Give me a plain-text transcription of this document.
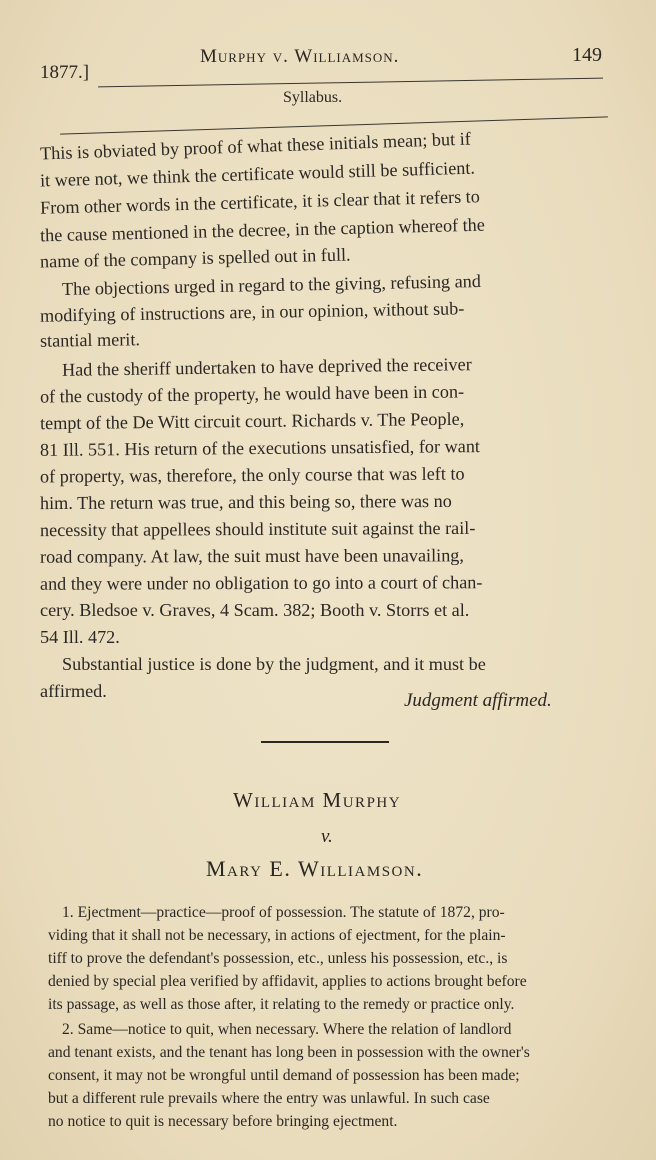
1877.]
Murphy v. Williamson.	149
Syllabus.
This is obviated by proof of what these initials mean; but if
it were not, we think the certificate would still be sufficient.
From other words in the certificate, it is clear that it refers to
the cause mentioned in the decree, in the caption whereof the
name of the company is spelled out in full.
The objections urged in regard to the giving, refusing and
modifying of instructions are, in our opinion, without sub-
stantial merit.
Had the sheriff undertaken to have deprived the receiver
of the custody of the property, he would have been in con-
tempt of the De Witt circuit court. Richards v. The People,
81 Ill. 551. His return of the executions unsatisfied, for want
of property, was, therefore, the only course that was left to
him. The return was true, and this being so, there was no
necessity that appellees should institute suit against the rail-
road company. At law, the suit must have been unavailing,
and they were under no obligation to go into a court of chan-
cery. Bledsoe v. Graves, 4 Scam. 382; Booth v. Storrs et al.
54 Ill. 472.
Substantial justice is done by the judgment, and it must be
affirmed.	Judgment affirmed.
William Murphy
v.
Mary E. Williamson.
1. Ejectment—practice—proof of possession. The statute of 1872, pro-
viding that it shall not be necessary, in actions of ejectment, for the plain-
tiff to prove the defendant's possession, etc., unless his possession, etc., is
denied by special plea verified by affidavit, applies to actions brought before
its passage, as well as those after, it relating to the remedy or practice only.
2. Same—notice to quit, when necessary. Where the relation of landlord
and tenant exists, and the tenant has long been in possession with the owner's
consent, it may not be wrongful until demand of possession has been made;
but a different rule prevails where the entry was unlawful. In such case
no notice to quit is necessary before bringing ejectment.
